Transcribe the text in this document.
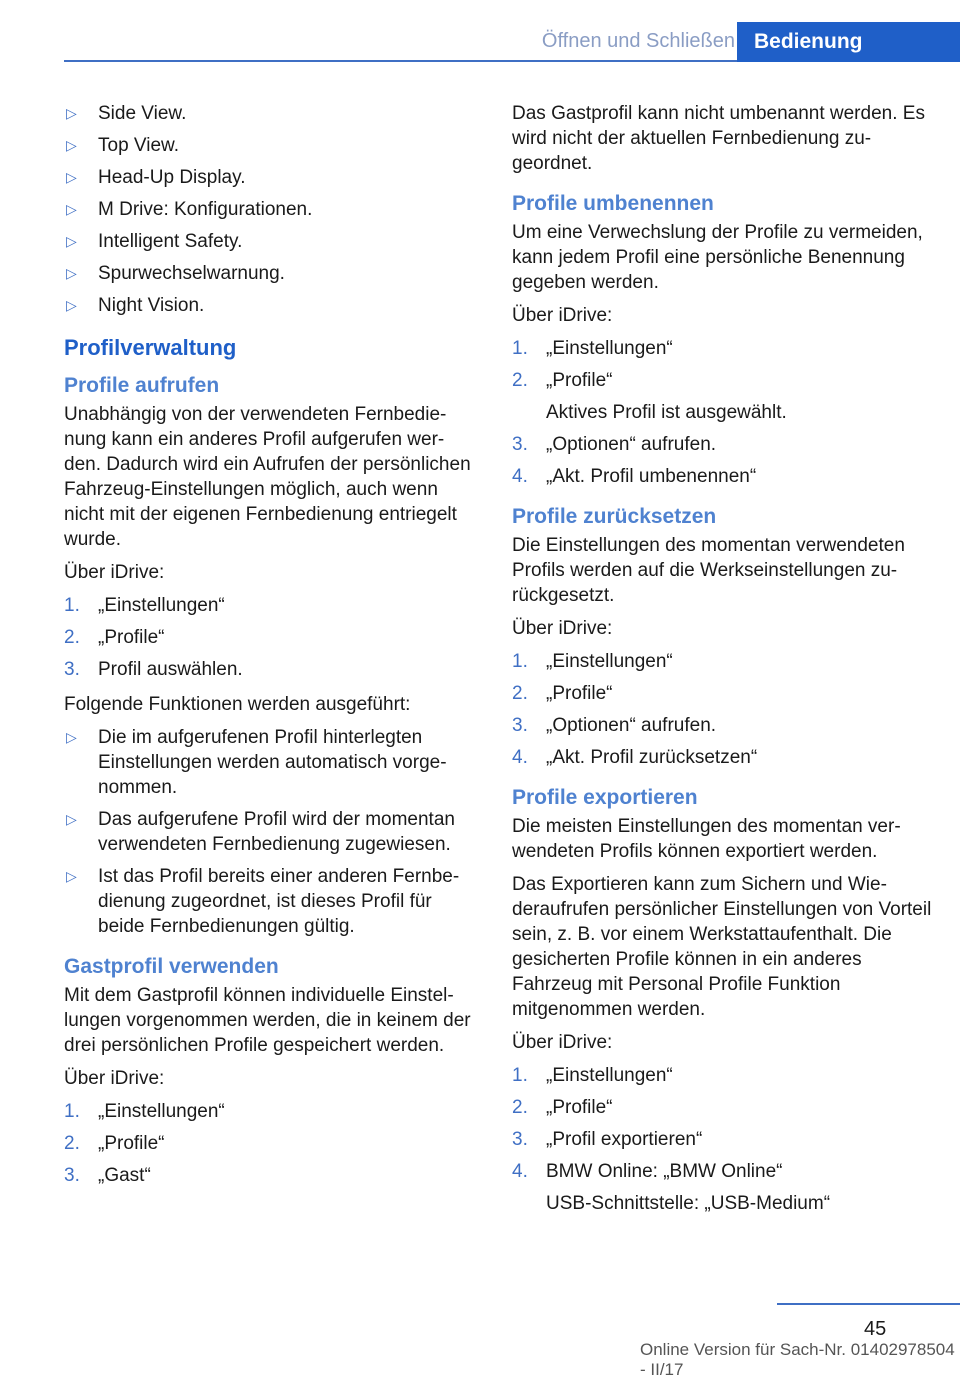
Öffnen und Schließen Bedienung
▷ Side View.
▷ Top View.
▷ Head-Up Display.
▷ M Drive: Konfigurationen.
▷ Intelligent Safety.
▷ Spurwechselwarnung.
▷ Night Vision.
Profilverwaltung
Profile aufrufen

Unabhängig von der verwendeten Fernbedienung kann ein anderes Profil aufgerufen werden. Dadurch wird ein Aufrufen der persönlichen Fahrzeug-Einstellungen möglich, auch wenn nicht mit der eigenen Fernbedienung entriegelt wurde.

Über iDrive:

1. „Einstellungen“
2. „Profile“
3. Profil auswählen.

Folgende Funktionen werden ausgeführt:

▷ Die im aufgerufenen Profil hinterlegten Einstellungen werden automatisch vorgenommen.
▷ Das aufgerufene Profil wird der momentan verwendeten Fernbedienung zugewiesen.
▷ Ist das Profil bereits einer anderen Fernbedienung zugeordnet, ist dieses Profil für beide Fernbedienungen gültig.
Gastprofil verwenden

Mit dem Gastprofil können individuelle Einstellungen vorgenommen werden, die in keinem der drei persönlichen Profile gespeichert werden.

Über iDrive:

1. „Einstellungen“
2. „Profile“
3. „Gast“

Das Gastprofil kann nicht umbenannt werden. Es wird nicht der aktuellen Fernbedienung zugeordnet.

Profile umbenennen

Um eine Verwechslung der Profile zu vermeiden, kann jedem Profil eine persönliche Benennung gegeben werden.

Über iDrive:

1. „Einstellungen“
2. „Profile“
Aktives Profil ist ausgewählt.
3. „Optionen“ aufrufen.
4. „Akt. Profil umbenennen“
Profile zurücksetzen

Die Einstellungen des momentan verwendeten Profils werden auf die Werkseinstellungen zurückgesetzt.

Über iDrive:

1. „Einstellungen“
2. „Profile“
3. „Optionen“ aufrufen.
4. „Akt. Profil zurücksetzen“
Profile exportieren

Die meisten Einstellungen des momentan verwendeten Profils können exportiert werden.

Das Exportieren kann zum Sichern und Wiederaufrufen persönlicher Einstellungen von Vorteil sein, z. B. vor einem Werkstattaufenthalt. Die gesicherten Profile können in ein anderes Fahrzeug mit Personal Profile Funktion mitgenommen werden.

Über iDrive:

1. „Einstellungen“
2. „Profile“
3. „Profil exportieren“
4. BMW Online: „BMW Online“
USB-Schnittstelle: „USB-Medium“
45
Online Version für Sach-Nr. 01402978504 - II/17
